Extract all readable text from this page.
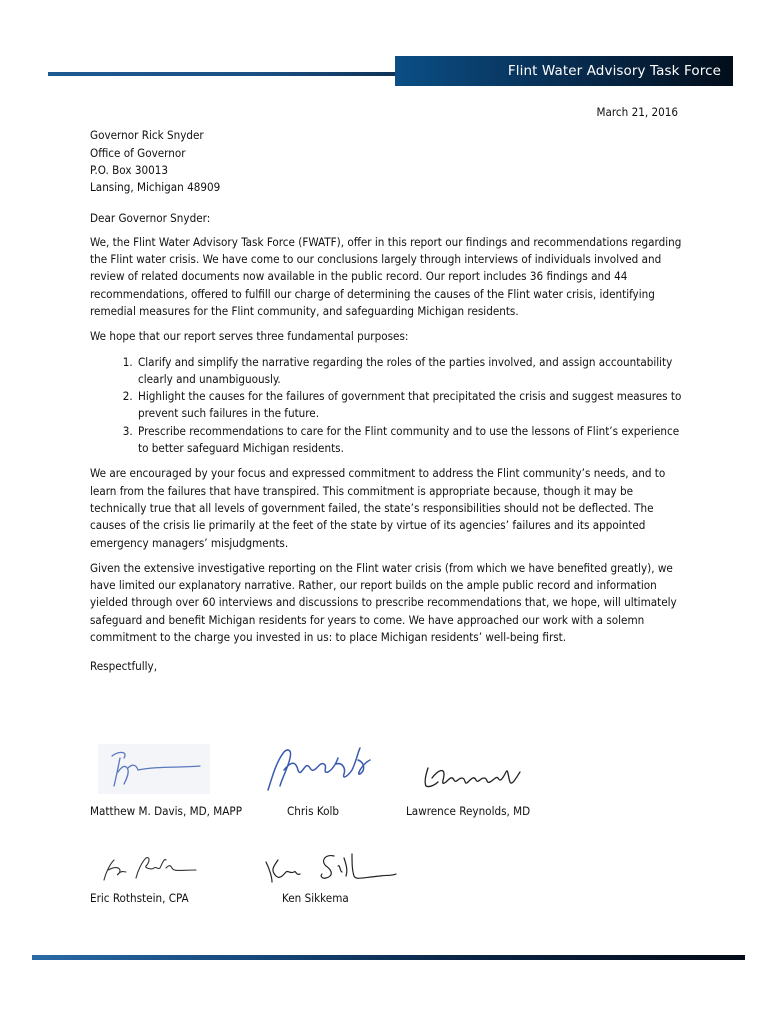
Flint Water Advisory Task Force
March 21, 2016
Governor Rick Snyder
Office of Governor
P.O. Box 30013
Lansing, Michigan 48909

Dear Governor Snyder:

We, the Flint Water Advisory Task Force (FWATF), offer in this report our findings and recommendations regarding the Flint water crisis. We have come to our conclusions largely through interviews of individuals involved and review of related documents now available in the public record. Our report includes 36 findings and 44 recommendations, offered to fulfill our charge of determining the causes of the Flint water crisis, identifying remedial measures for the Flint community, and safeguarding Michigan residents.

We hope that our report serves three fundamental purposes:

1. Clarify and simplify the narrative regarding the roles of the parties involved, and assign accountability clearly and unambiguously.
2. Highlight the causes for the failures of government that precipitated the crisis and suggest measures to prevent such failures in the future.
3. Prescribe recommendations to care for the Flint community and to use the lessons of Flint’s experience to better safeguard Michigan residents.

We are encouraged by your focus and expressed commitment to address the Flint community’s needs, and to learn from the failures that have transpired. This commitment is appropriate because, though it may be technically true that all levels of government failed, the state’s responsibilities should not be deflected. The causes of the crisis lie primarily at the feet of the state by virtue of its agencies’ failures and its appointed emergency managers’ misjudgments.

Given the extensive investigative reporting on the Flint water crisis (from which we have benefited greatly), we have limited our explanatory narrative. Rather, our report builds on the ample public record and information yielded through over 60 interviews and discussions to prescribe recommendations that, we hope, will ultimately safeguard and benefit Michigan residents for years to come. We have approached our work with a solemn commitment to the charge you invested in us: to place Michigan residents’ well-being first.

Respectfully,

Matthew M. Davis, MD, MAPP	Chris Kolb	Lawrence Reynolds, MD
Eric Rothstein, CPA	Ken Sikkema
